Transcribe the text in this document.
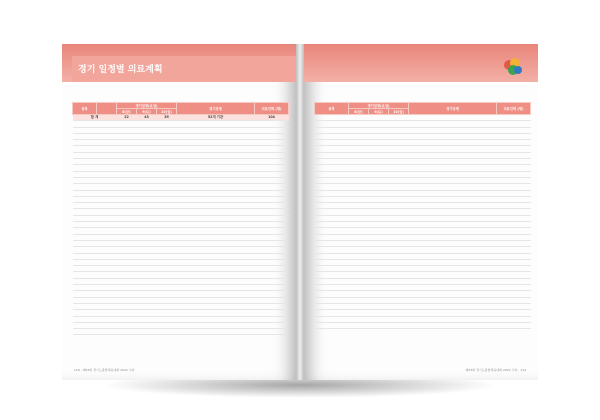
경기 일정별 의료계획
종목		경기일정(요일)			경기장명	의료인력 (명)
		8(금)	9(토)	10(일)		
합 계		22	43	39	52개 기관	104

118 · 제53회 경기도종합체육대회 2022 고양
종목	경기일정(요일)			경기장명	의료인력 (명)
	8(금)	9(토)	10(일)		

제53회 경기도종합체육대회 2022 고양 · 119
